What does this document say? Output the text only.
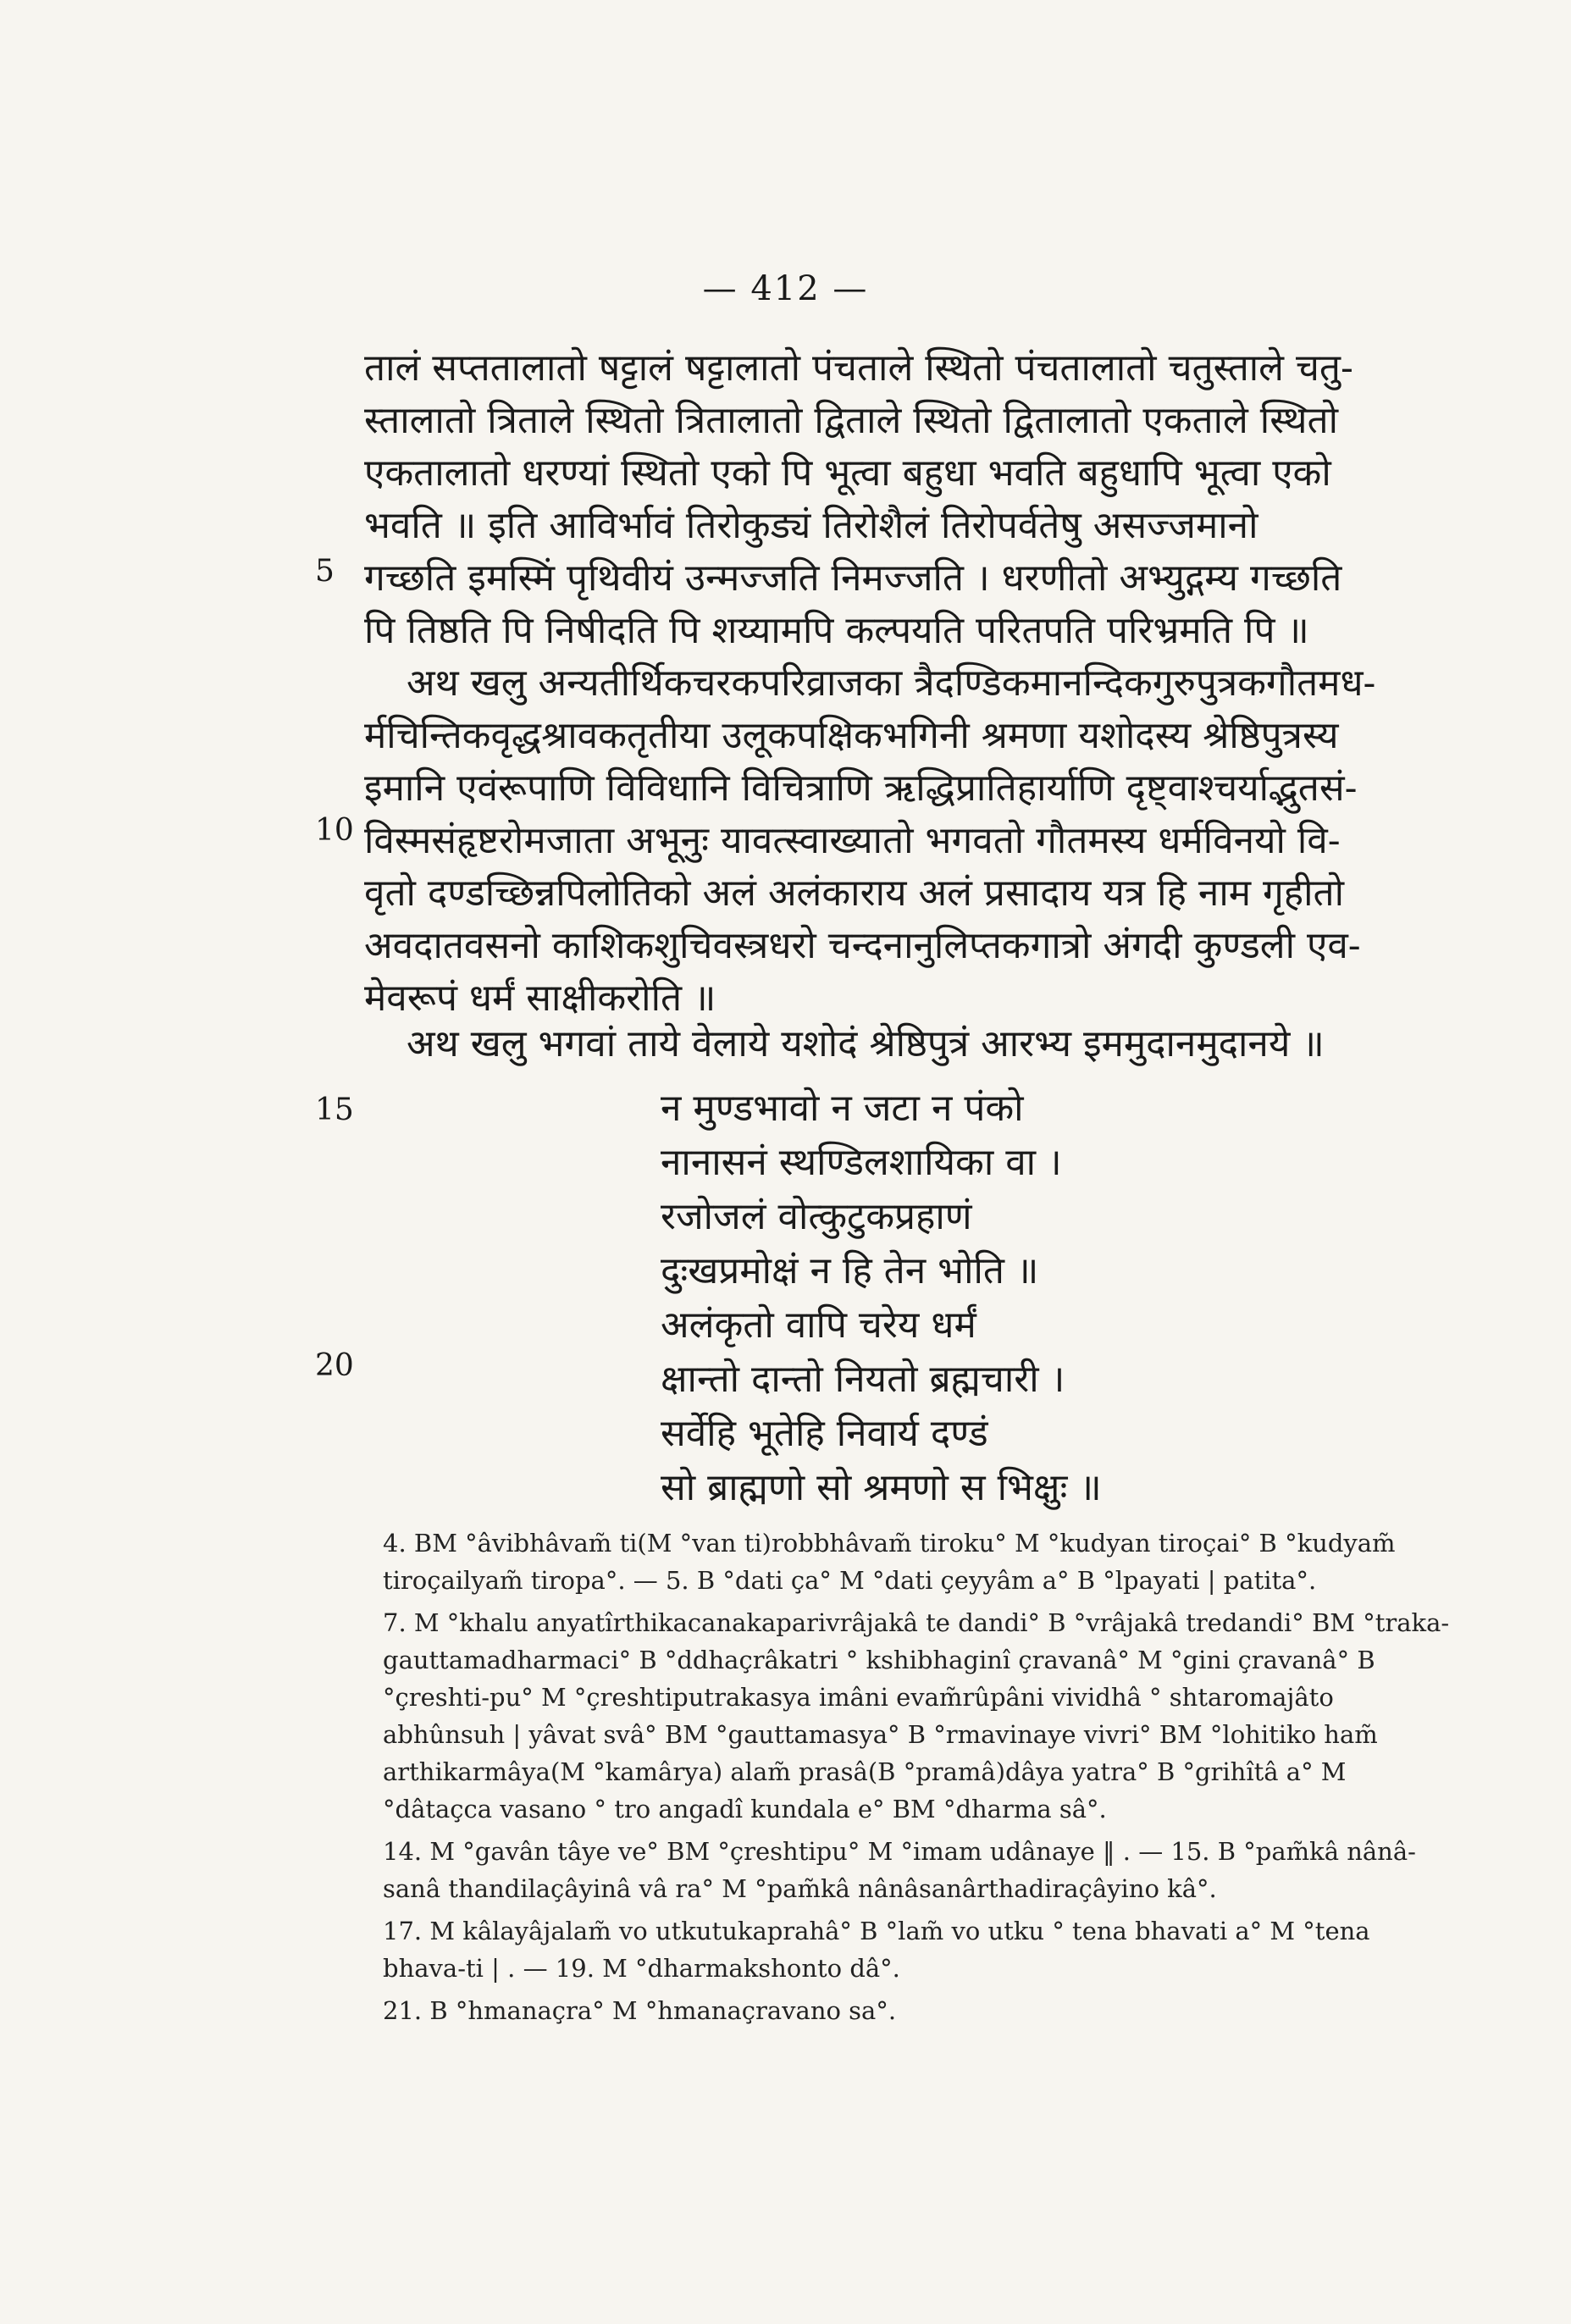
— 412 —
तालं सप्ततालातो षट्टालं षट्टालातो पंचताले स्थितो पंचतालातो चतुस्ताले चतु-
स्तालातो त्रिताले स्थितो त्रितालातो द्विताले स्थितो द्वितालातो एकताले स्थितो
एकतालातो धरण्यां स्थितो एको पि भूत्वा बहुधा भवति बहुधापि भूत्वा एको
भवति ॥ इति आविर्भावं तिरोकुड्यं तिरोशैलं तिरोपर्वतेषु असज्जमानो
गच्छति इमस्मिं पृथिवीयं उन्मज्जति निमज्जति । धरणीतो अभ्युद्गम्य गच्छति
पि तिष्ठति पि निषीदति पि शय्यामपि कल्पयति परितपति परिभ्रमति पि ॥
अथ खलु अन्यतीर्थिकचरकपरिव्राजका त्रैदण्डिकमानन्दिकगुरुपुत्रकगौतमध-
र्मचिन्तिकवृद्धश्रावकतृतीया उलूकपक्षिकभगिनी श्रमणा यशोदस्य श्रेष्ठिपुत्रस्य
इमानि एवंरूपाणि विविधानि विचित्राणि ऋद्धिप्रातिहार्याणि दृष्ट्वाश्चर्याद्भुतसं-
विस्मसंहृष्टरोमजाता अभूनुः यावत्स्वाख्यातो भगवतो गौतमस्य धर्मविनयो वि-
वृतो दण्डच्छिन्नपिलोतिको अलं अलंकाराय अलं प्रसादाय यत्र हि नाम गृहीतो
अवदातवसनो काशिकशुचिवस्त्रधरो चन्दनानुलिप्तकगात्रो अंगदी कुण्डली एव-
मेवरूपं धर्मं साक्षीकरोति ॥
अथ खलु भगवां ताये वेलाये यशोदं श्रेष्ठिपुत्रं आरभ्य इममुदानमुदानये ॥
5
10
15
20
न मुण्डभावो न जटा न पंको
नानासनं स्थण्डिलशायिका वा ।
रजोजलं वोत्कुटुकप्रहाणं
दुःखप्रमोक्षं न हि तेन भोति ॥
अलंकृतो वापि चरेय धर्मं
क्षान्तो दान्तो नियतो ब्रह्मचारी ।
सर्वेहि भूतेहि निवार्य दण्डं
सो ब्राह्मणो सो श्रमणो स भिक्षुः ॥

4. BM °âvibhâvam̃ ti(M °van ti)robbhâvam̃ tiroku° M °kudyan tiroçai° B °kudyam̃ tiroçailyam̃ tiropa°. — 5. B °dati ça° M °dati çeyyâm a° B °lpayati | patita°.

7. M °khalu anyatîrthikacanakaparivrâjakâ te dandi° B °vrâjakâ tredandi° BM °traka-gauttamadharmaci° B °ddhaçrâkatri ° kshibhaginî çravanâ° M °gini çravanâ° B °çreshti-pu° M °çreshtiputrakasya imâni evam̃rûpâni vividhâ ° shtaromajâto abhûnsuh | yâvat svâ° BM °gauttamasya° B °rmavinaye vivri° BM °lohitiko ham̃ arthikarmâya(M °kamârya) alam̃ prasâ(B °pramâ)dâya yatra° B °grihîtâ a° M °dâtaçca vasano ° tro angadî kundala e° BM °dharma sâ°.

14. M °gavân tâye ve° BM °çreshtipu° M °imam udânaye ‖ . — 15. B °pam̃kâ nânâ-sanâ thandilaçâyinâ vâ ra° M °pam̃kâ nânâsanârthadiraçâyino kâ°.

17. M kâlayâjalam̃ vo utkutukaprahâ° B °lam̃ vo utku ° tena bhavati a° M °tena bhava-ti | . — 19. M °dharmakshonto dâ°.

21. B °hmanaçra° M °hmanaçravano sa°.
